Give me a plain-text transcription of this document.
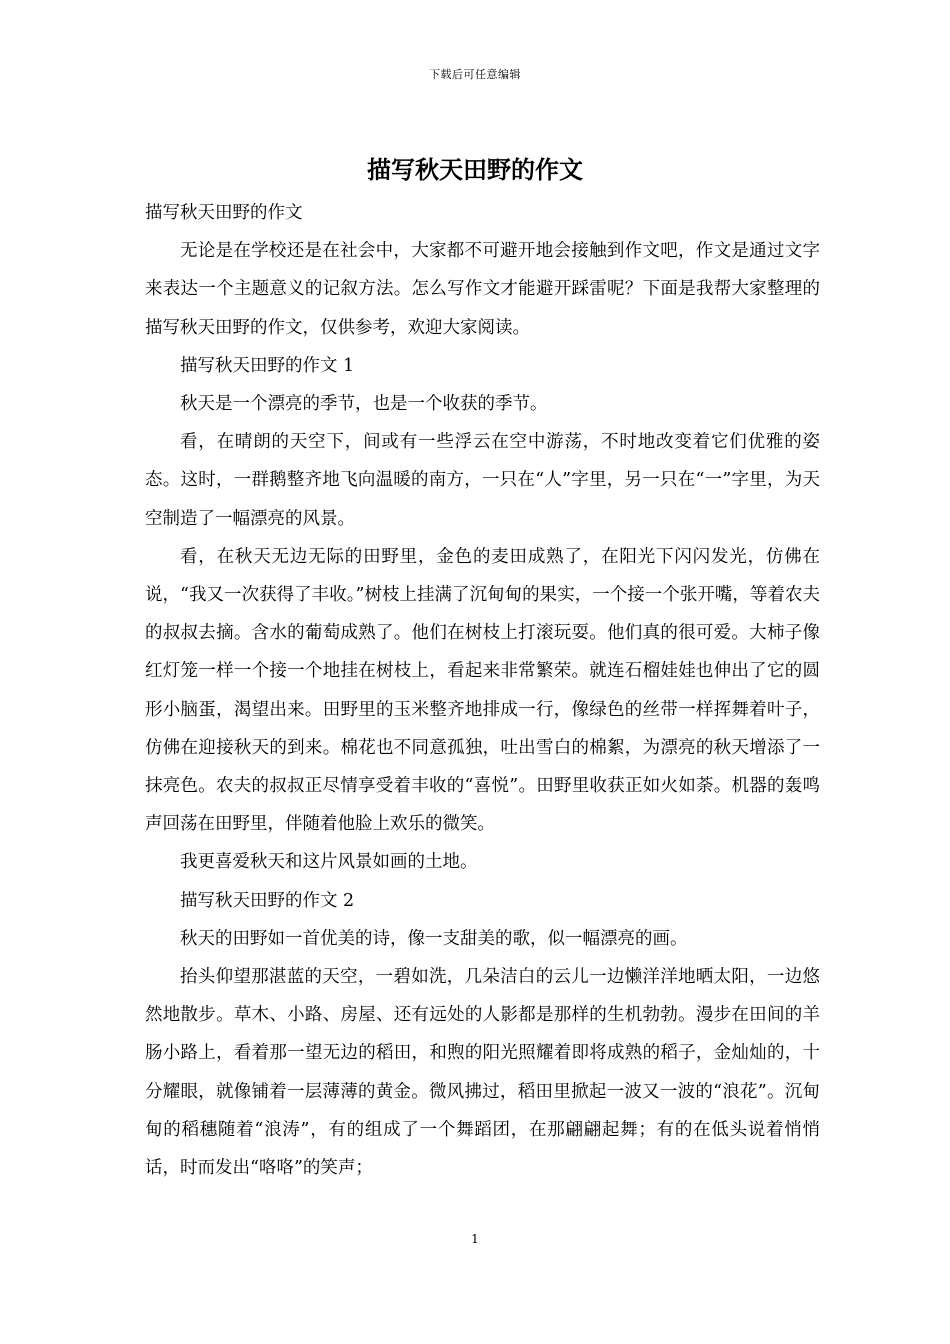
下载后可任意编辑
描写秋天田野的作文

描写秋天田野的作文

无论是在学校还是在社会中，大家都不可避开地会接触到作文吧，作文是通过文字来表达一个主题意义的记叙方法。怎么写作文才能避开踩雷呢？下面是我帮大家整理的描写秋天田野的作文，仅供参考，欢迎大家阅读。

描写秋天田野的作文 1

秋天是一个漂亮的季节，也是一个收获的季节。

看，在晴朗的天空下，间或有一些浮云在空中游荡，不时地改变着它们优雅的姿态。这时，一群鹅整齐地飞向温暖的南方，一只在“人”字里，另一只在“一”字里，为天空制造了一幅漂亮的风景。

看，在秋天无边无际的田野里，金色的麦田成熟了，在阳光下闪闪发光，仿佛在说，“我又一次获得了丰收。”树枝上挂满了沉甸甸的果实，一个接一个张开嘴，等着农夫的叔叔去摘。含水的葡萄成熟了。他们在树枝上打滚玩耍。他们真的很可爱。大柿子像红灯笼一样一个接一个地挂在树枝上，看起来非常繁荣。就连石榴娃娃也伸出了它的圆形小脑蛋，渴望出来。田野里的玉米整齐地排成一行，像绿色的丝带一样挥舞着叶子，仿佛在迎接秋天的到来。棉花也不同意孤独，吐出雪白的棉絮，为漂亮的秋天增添了一抹亮色。农夫的叔叔正尽情享受着丰收的“喜悦”。田野里收获正如火如荼。机器的轰鸣声回荡在田野里，伴随着他脸上欢乐的微笑。

我更喜爱秋天和这片风景如画的土地。

描写秋天田野的作文 2

秋天的田野如一首优美的诗，像一支甜美的歌，似一幅漂亮的画。

抬头仰望那湛蓝的天空，一碧如洗，几朵洁白的云儿一边懒洋洋地晒太阳，一边悠然地散步。草木、小路、房屋、还有远处的人影都是那样的生机勃勃。漫步在田间的羊肠小路上，看着那一望无边的稻田，和煦的阳光照耀着即将成熟的稻子，金灿灿的，十分耀眼，就像铺着一层薄薄的黄金。微风拂过，稻田里掀起一波又一波的“浪花”。沉甸甸的稻穗随着“浪涛”，有的组成了一个舞蹈团，在那翩翩起舞；有的在低头说着悄悄话，时而发出“咯咯”的笑声；

1
